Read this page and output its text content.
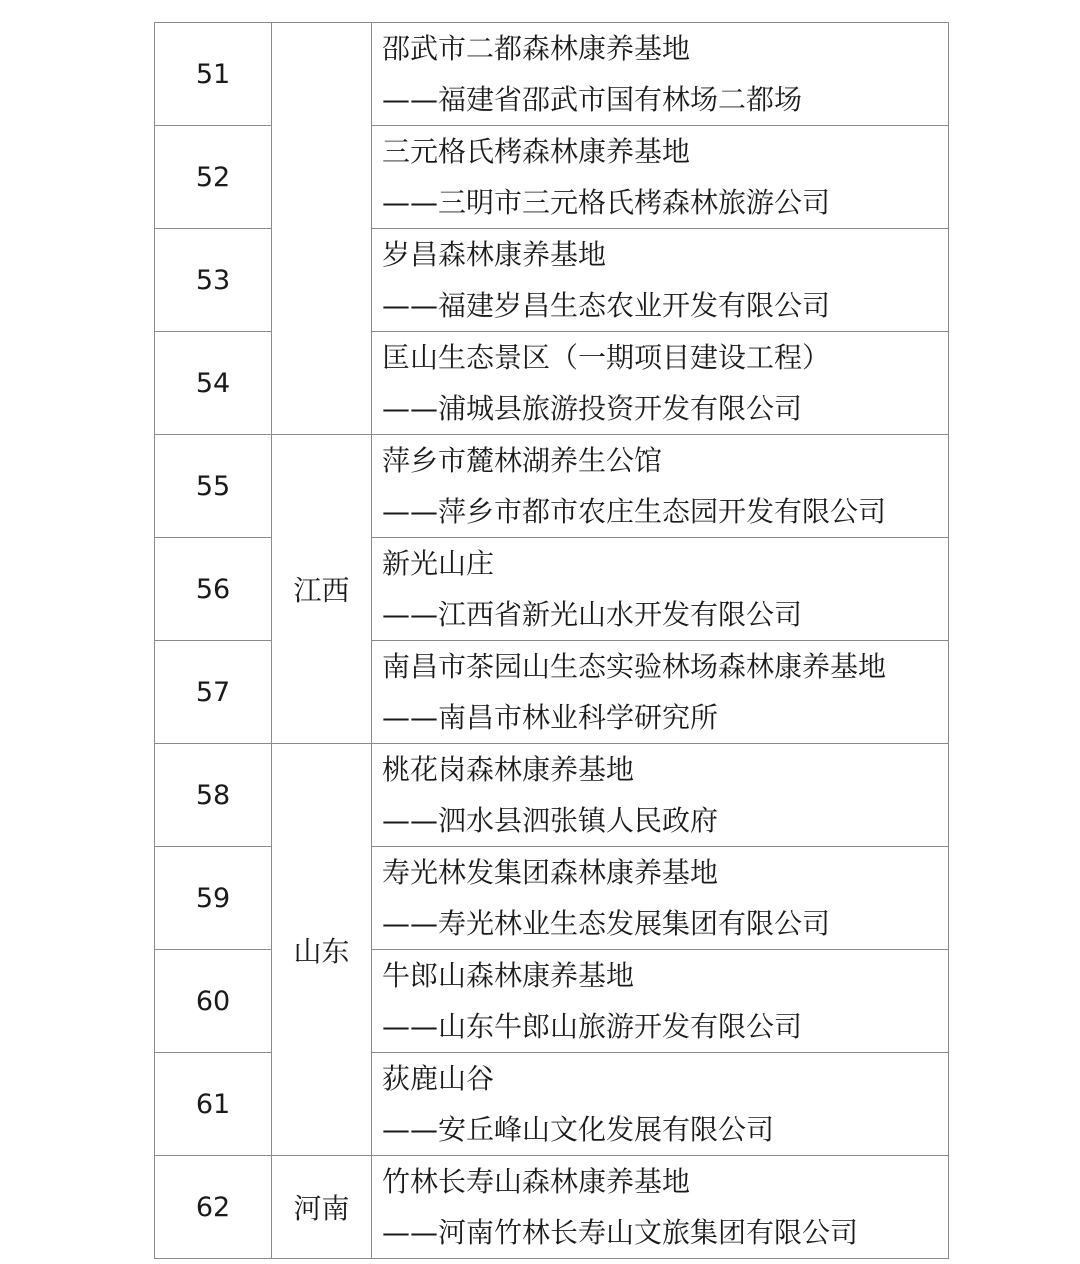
51		邵武市二都森林康养基地
——福建省邵武市国有林场二都场

52		三元格氏栲森林康养基地
——三明市三元格氏栲森林旅游公司

53		岁昌森林康养基地
——福建岁昌生态农业开发有限公司

54		匡山生态景区（一期项目建设工程）
——浦城县旅游投资开发有限公司

55	江西	萍乡市麓林湖养生公馆
——萍乡市都市农庄生态园开发有限公司

56		新光山庄
——江西省新光山水开发有限公司

57		南昌市茶园山生态实验林场森林康养基地
——南昌市林业科学研究所

58	山东	桃花岗森林康养基地
——泗水县泗张镇人民政府

59		寿光林发集团森林康养基地
——寿光林业生态发展集团有限公司

60		牛郎山森林康养基地
——山东牛郎山旅游开发有限公司

61		荻鹿山谷
——安丘峰山文化发展有限公司

62	河南	竹林长寿山森林康养基地
——河南竹林长寿山文旅集团有限公司
